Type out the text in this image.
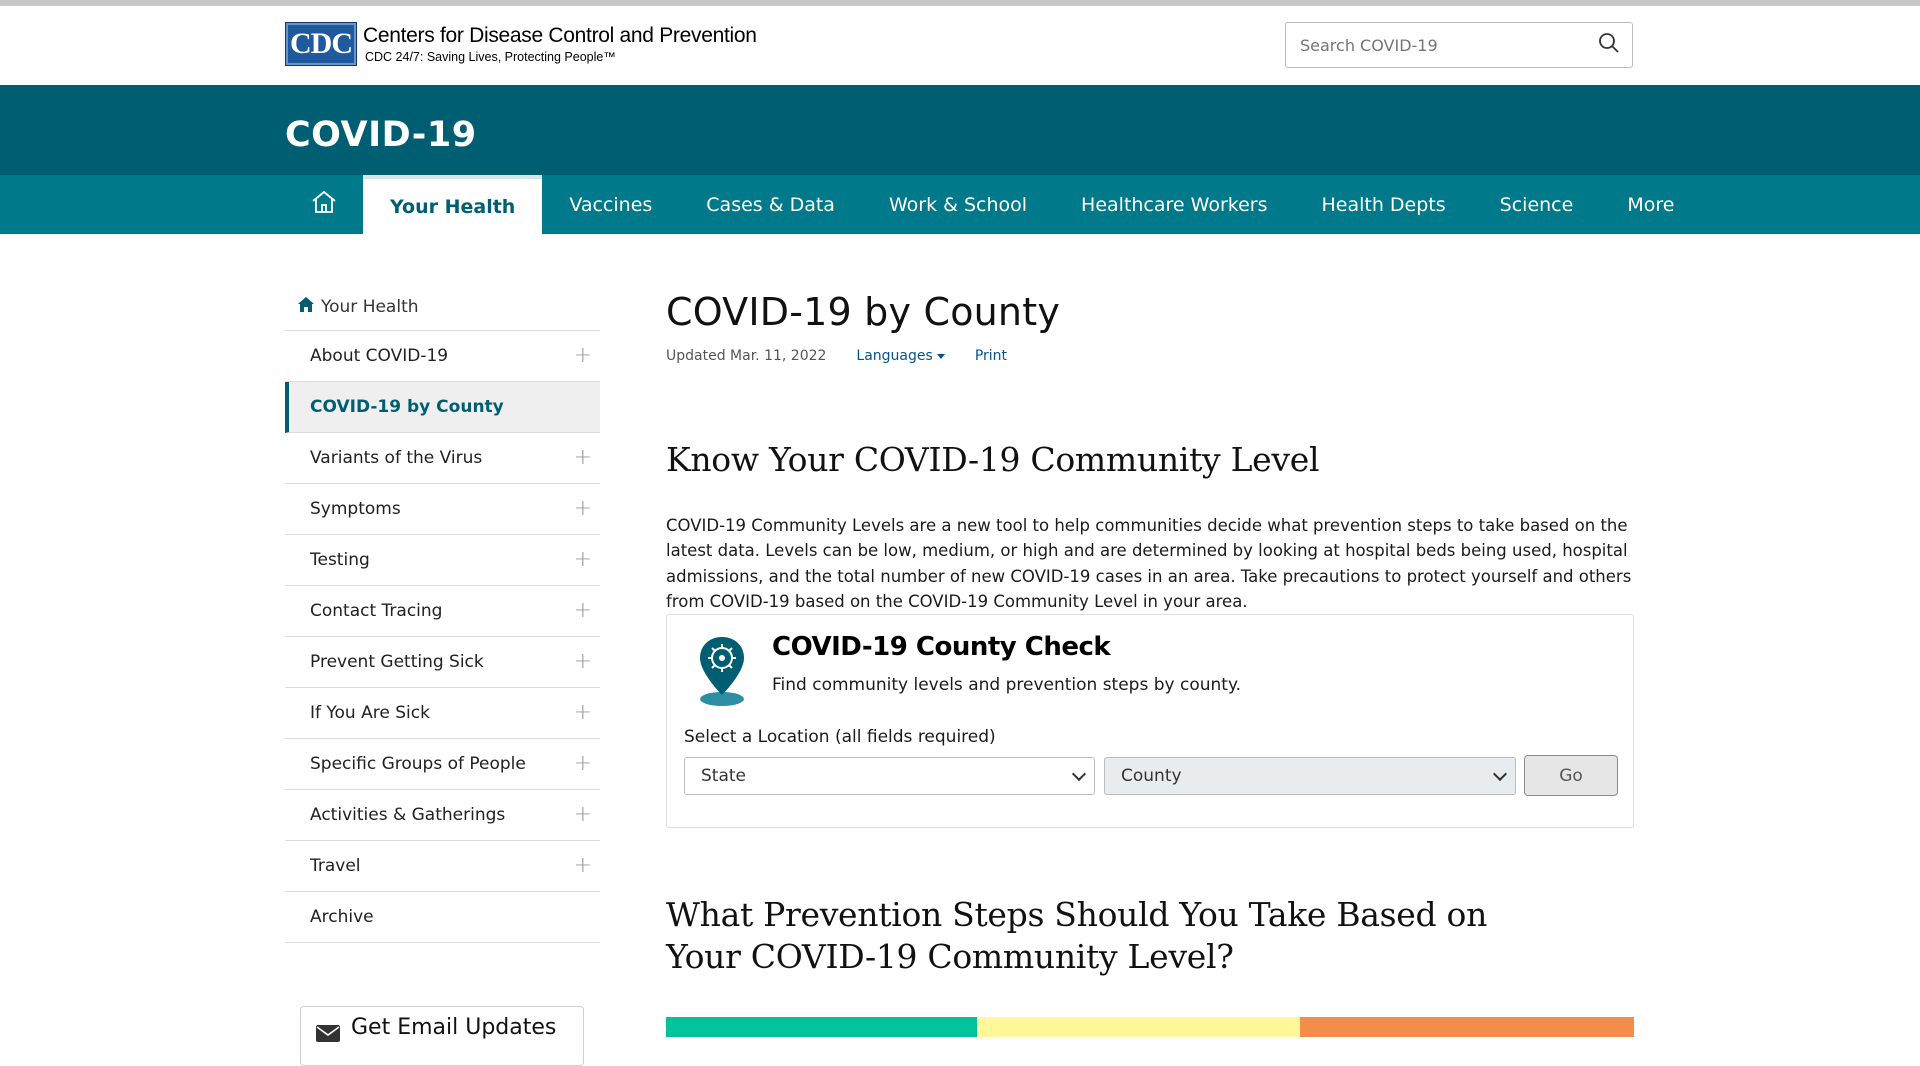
CDC Centers for Disease Control and Prevention
CDC 24/7: Saving Lives, Protecting People™
Search COVID-19
COVID-19
Your Health	Vaccines	Cases & Data	Work & School	Healthcare Workers	Health Depts	Science	More
Your Health
About COVID-19	+
COVID-19 by County
Variants of the Virus	+
Symptoms	+
Testing	+
Contact Tracing	+
Prevent Getting Sick	+
If You Are Sick	+
Specific Groups of People +
Activities & Gatherings	+
Travel	+
Archive
Get Email Updates
COVID-19 by County
Updated Mar. 11, 2022 Languages	Print
Know Your COVID-19 Community Level

COVID-19 Community Levels are a new tool to help communities decide what prevention steps to take based on the latest data. Levels can be low, medium, or high and are determined by looking at hospital beds being used, hospital admissions, and the total number of new COVID-19 cases in an area. Take precautions to protect yourself and others from COVID-19 based on the COVID-19 Community Level in your area.

COVID-19 County Check
Find community levels and prevention steps by county.
Select a Location (all fields required)
State	County	Go
What Prevention Steps Should You Take Based on Your COVID-19 Community Level?
